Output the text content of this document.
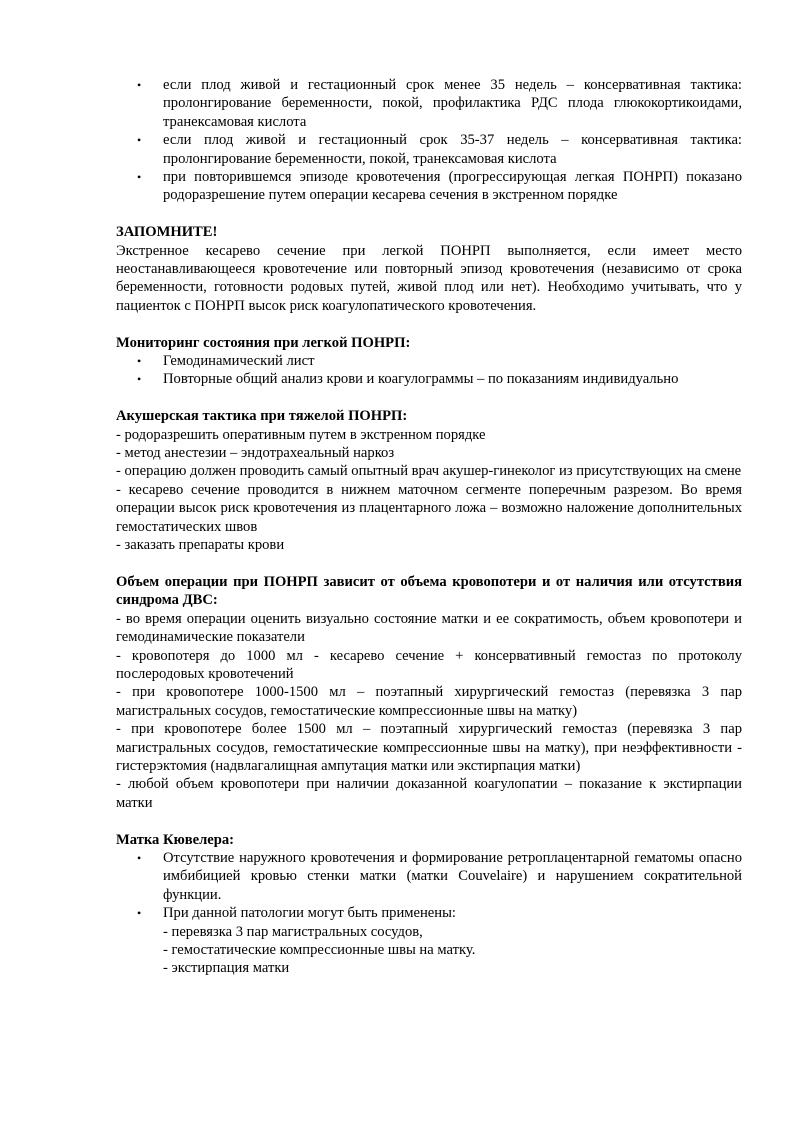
• если плод живой и гестационный срок менее 35 недель – консервативная тактика: пролонгирование беременности, покой, профилактика РДС плода глюкокортикоидами, транексамовая кислота
• если плод живой и гестационный срок 35-37 недель – консервативная тактика: пролонгирование беременности, покой, транексамовая кислота
• при повторившемся эпизоде кровотечения (прогрессирующая легкая ПОНРП) показано родоразрешение путем операции кесарева сечения в экстренном порядке

ЗАПОМНИТЕ!

Экстренное кесарево сечение при легкой ПОНРП выполняется, если имеет место неостанавливающееся кровотечение или повторный эпизод кровотечения (независимо от срока беременности, готовности родовых путей, живой плод или нет). Необходимо учитывать, что у пациенток с ПОНРП высок риск коагулопатического кровотечения.

Мониторинг состояния при легкой ПОНРП:

• Гемодинамический лист
• Повторные общий анализ крови и коагулограммы – по показаниям индивидуально

Акушерская тактика при тяжелой ПОНРП:

- родоразрешить оперативным путем в экстренном порядке

- метод анестезии – эндотрахеальный наркоз

- операцию должен проводить самый опытный врач акушер-гинеколог из присутствующих на смене

- кесарево сечение проводится в нижнем маточном сегменте поперечным разрезом. Во время операции высок риск кровотечения из плацентарного ложа – возможно наложение дополнительных гемостатических швов

- заказать препараты крови

Объем операции при ПОНРП зависит от объема кровопотери и от наличия или отсутствия синдрома ДВС:

- во время операции оценить визуально состояние матки и ее сократимость, объем кровопотери и гемодинамические показатели

- кровопотеря до 1000 мл - кесарево сечение + консервативный гемостаз по протоколу послеродовых кровотечений

- при кровопотере 1000-1500 мл – поэтапный хирургический гемостаз (перевязка 3 пар магистральных сосудов, гемостатические компрессионные швы на матку)

- при кровопотере более 1500 мл – поэтапный хирургический гемостаз (перевязка 3 пар магистральных сосудов, гемостатические компрессионные швы на матку), при неэффективности - гистерэктомия (надвлагалищная ампутация матки или экстирпация матки)

- любой объем кровопотери при наличии доказанной коагулопатии – показание к экстирпации матки

Матка Кювелера:

• Отсутствие наружного кровотечения и формирование ретроплацентарной гематомы опасно имбибицией кровью стенки матки (матки Couvelaire) и нарушением сократительной функции.
• При данной патологии могут быть применены:

- перевязка 3 пар магистральных сосудов,

- гемостатические компрессионные швы на матку.

- экстирпация матки
